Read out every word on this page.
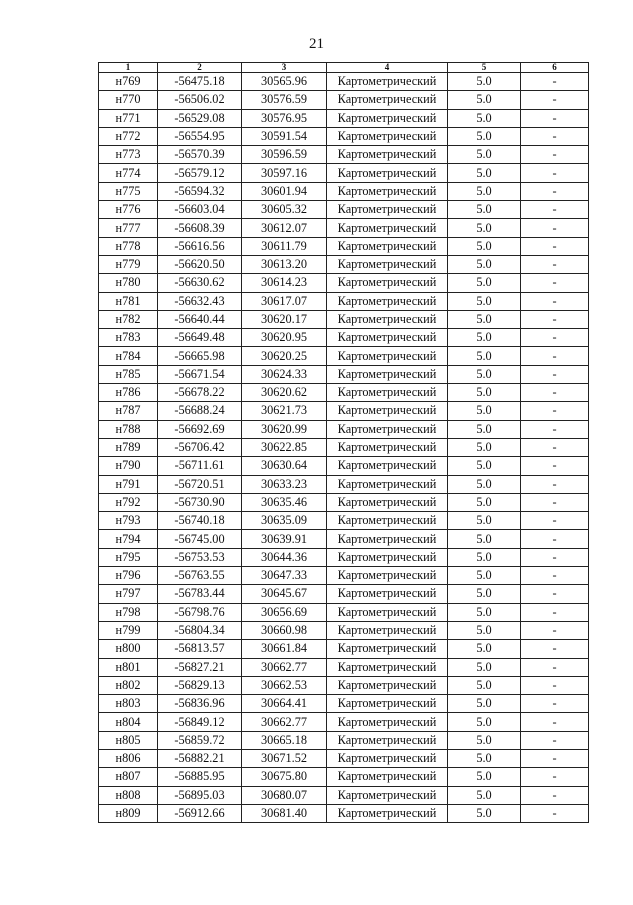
21
1	2	3	4	5	6
н769	-56475.18	30565.96	Картометрический	5.0	-
н770	-56506.02	30576.59	Картометрический	5.0	-
н771	-56529.08	30576.95	Картометрический	5.0	-
н772	-56554.95	30591.54	Картометрический	5.0	-
н773	-56570.39	30596.59	Картометрический	5.0	-
н774	-56579.12	30597.16	Картометрический	5.0	-
н775	-56594.32	30601.94	Картометрический	5.0	-
н776	-56603.04	30605.32	Картометрический	5.0	-
н777	-56608.39	30612.07	Картометрический	5.0	-
н778	-56616.56	30611.79	Картометрический	5.0	-
н779	-56620.50	30613.20	Картометрический	5.0	-
н780	-56630.62	30614.23	Картометрический	5.0	-
н781	-56632.43	30617.07	Картометрический	5.0	-
н782	-56640.44	30620.17	Картометрический	5.0	-
н783	-56649.48	30620.95	Картометрический	5.0	-
н784	-56665.98	30620.25	Картометрический	5.0	-
н785	-56671.54	30624.33	Картометрический	5.0	-
н786	-56678.22	30620.62	Картометрический	5.0	-
н787	-56688.24	30621.73	Картометрический	5.0	-
н788	-56692.69	30620.99	Картометрический	5.0	-
н789	-56706.42	30622.85	Картометрический	5.0	-
н790	-56711.61	30630.64	Картометрический	5.0	-
н791	-56720.51	30633.23	Картометрический	5.0	-
н792	-56730.90	30635.46	Картометрический	5.0	-
н793	-56740.18	30635.09	Картометрический	5.0	-
н794	-56745.00	30639.91	Картометрический	5.0	-
н795	-56753.53	30644.36	Картометрический	5.0	-
н796	-56763.55	30647.33	Картометрический	5.0	-
н797	-56783.44	30645.67	Картометрический	5.0	-
н798	-56798.76	30656.69	Картометрический	5.0	-
н799	-56804.34	30660.98	Картометрический	5.0	-
н800	-56813.57	30661.84	Картометрический	5.0	-
н801	-56827.21	30662.77	Картометрический	5.0	-
н802	-56829.13	30662.53	Картометрический	5.0	-
н803	-56836.96	30664.41	Картометрический	5.0	-
н804	-56849.12	30662.77	Картометрический	5.0	-
н805	-56859.72	30665.18	Картометрический	5.0	-
н806	-56882.21	30671.52	Картометрический	5.0	-
н807	-56885.95	30675.80	Картометрический	5.0	-
н808	-56895.03	30680.07	Картометрический	5.0	-
н809	-56912.66	30681.40	Картометрический	5.0	-
